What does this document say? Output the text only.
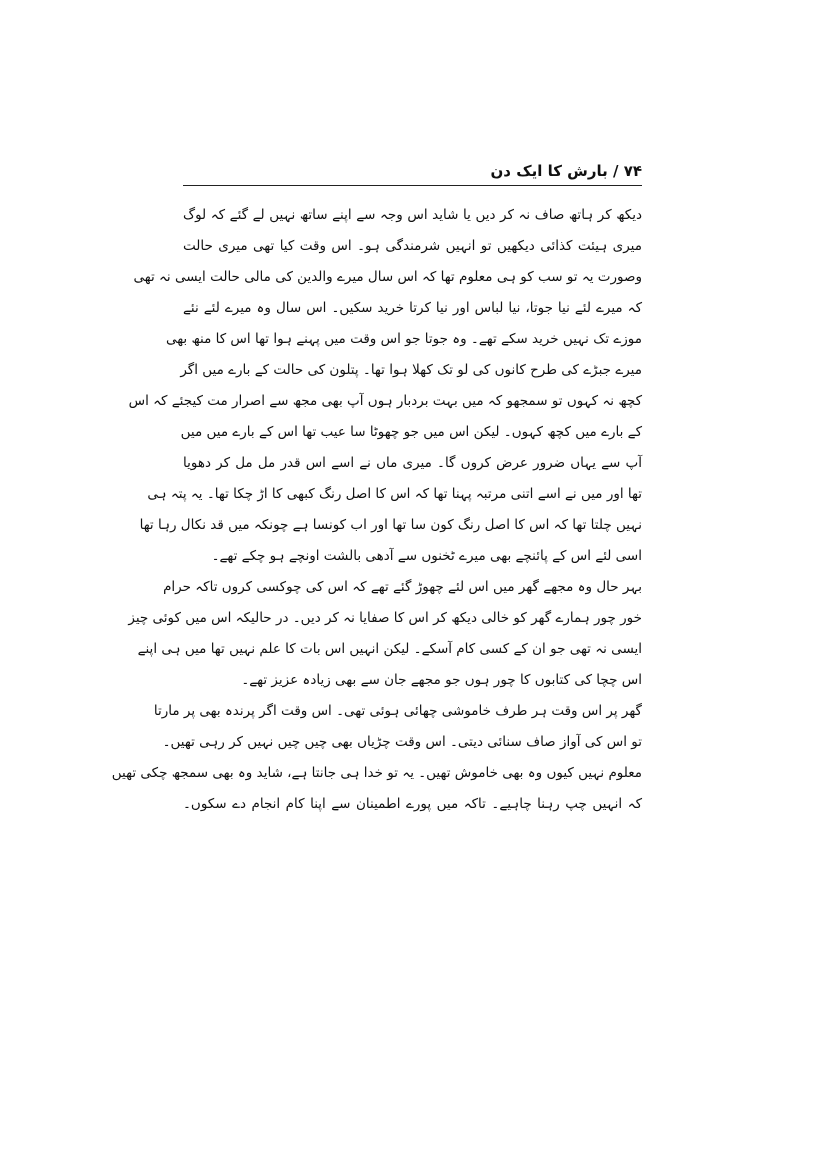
۷۴ / بارش کا ایک دن
دیکھ کر ہاتھ صاف نہ کر دیں یا شاید اس وجہ سے اپنے ساتھ نہیں لے گئے کہ لوگ
میری ہیئت کذائی دیکھیں تو انہیں شرمندگی ہو۔ اس وقت کیا تھی میری حالت
وصورت یہ تو سب کو ہی معلوم تھا کہ اس سال میرے والدین کی مالی حالت ایسی نہ تھی
کہ میرے لئے نیا جوتا، نیا لباس اور نیا کرتا خرید سکیں۔ اس سال وہ میرے لئے نئے
موزے تک نہیں خرید سکے تھے۔ وہ جوتا جو اس وقت میں پہنے ہوا تھا اس کا منھ بھی
میرے جبڑے کی طرح کانوں کی لو تک کھلا ہوا تھا۔ پتلون کی حالت کے بارے میں اگر
کچھ نہ کہوں تو سمجھو کہ میں بہت بردبار ہوں آپ بھی مجھ سے اصرار مت کیجئے کہ اس
کے بارے میں کچھ کہوں۔ لیکن اس میں جو چھوٹا سا عیب تھا اس کے بارے میں میں
آپ سے یہاں ضرور عرض کروں گا۔ میری ماں نے اسے اس قدر مل مل کر دھویا
تھا اور میں نے اسے اتنی مرتبہ پہنا تھا کہ اس کا اصل رنگ کبھی کا اڑ چکا تھا۔ یہ پتہ ہی
نہیں چلتا تھا کہ اس کا اصل رنگ کون سا تھا اور اب کونسا ہے چونکہ میں قد نکال رہا تھا
اسی لئے اس کے پائنچے بھی میرے ٹخنوں سے آدھی بالشت اونچے ہو چکے تھے۔
بہر حال وہ مجھے گھر میں اس لئے چھوڑ گئے تھے کہ اس کی چوکسی کروں تاکہ حرام
خور چور ہمارے گھر کو خالی دیکھ کر اس کا صفایا نہ کر دیں۔ در حالیکہ اس میں کوئی چیز
ایسی نہ تھی جو ان کے کسی کام آسکے۔ لیکن انہیں اس بات کا علم نہیں تھا میں ہی اپنے
اس چچا کی کتابوں کا چور ہوں جو مجھے جان سے بھی زیادہ عزیز تھے۔
گھر پر اس وقت ہر طرف خاموشی چھائی ہوئی تھی۔ اس وقت اگر پرندہ بھی پر مارتا
تو اس کی آواز صاف سنائی دیتی۔ اس وقت چڑیاں بھی چیں چیں نہیں کر رہی تھیں۔
معلوم نہیں کیوں وہ بھی خاموش تھیں۔ یہ تو خدا ہی جانتا ہے، شاید وہ بھی سمجھ چکی تھیں
کہ انہیں چپ رہنا چاہیے۔ تاکہ میں پورے اطمینان سے اپنا کام انجام دے سکوں۔
